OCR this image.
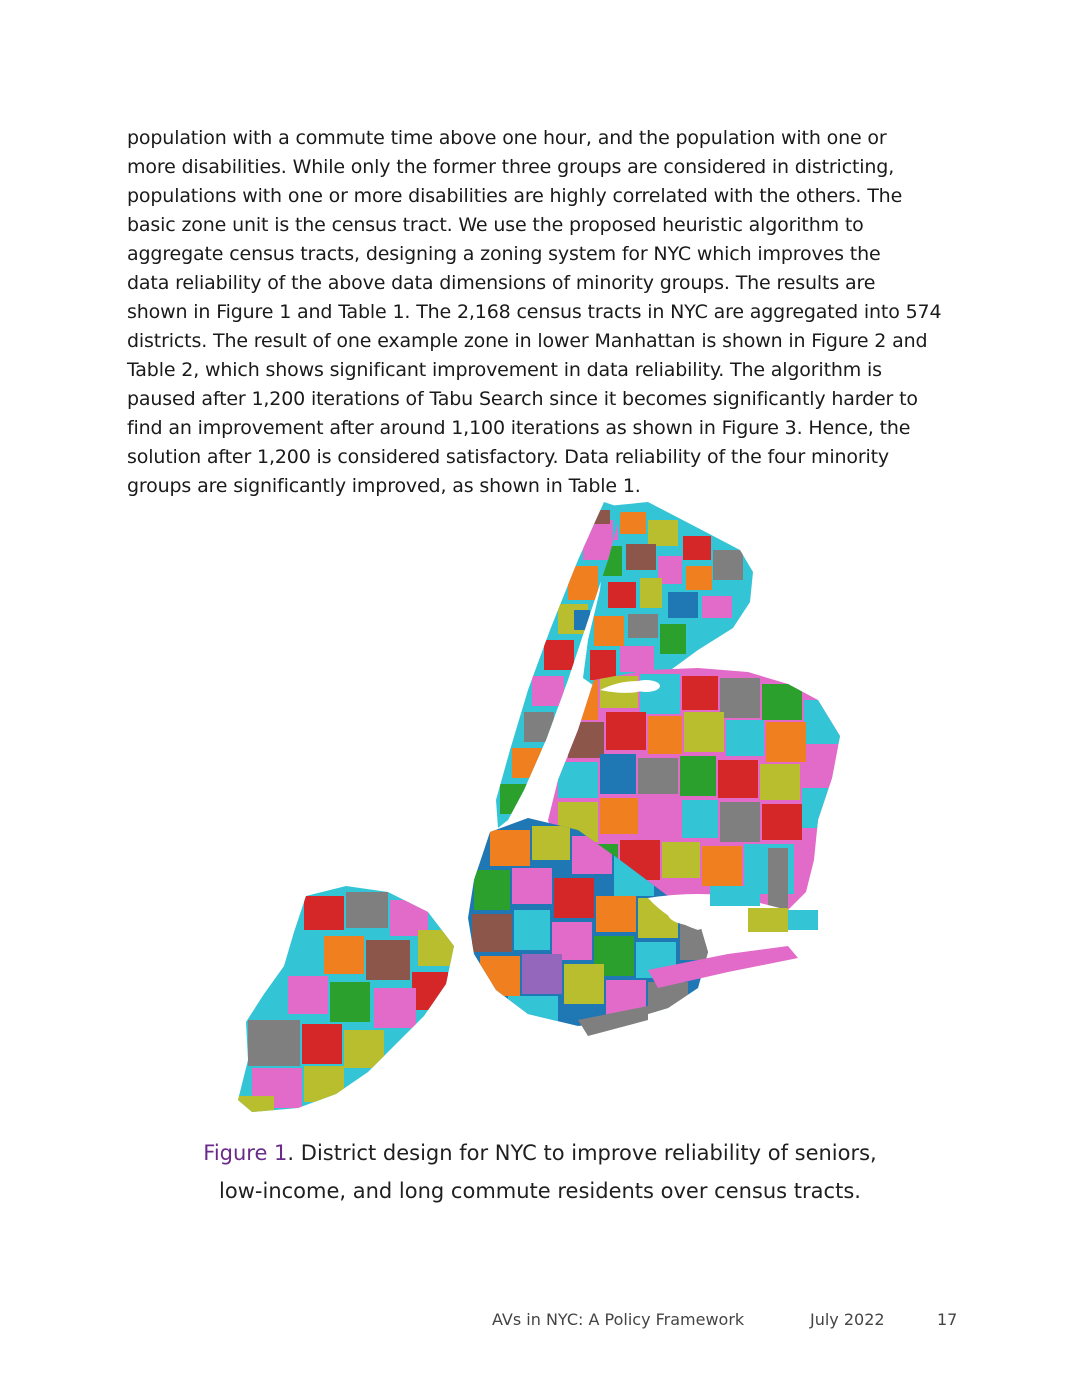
population with a commute time above one hour, and the population with one or
more disabilities. While only the former three groups are considered in districting,
populations with one or more disabilities are highly correlated with the others. The
basic zone unit is the census tract. We use the proposed heuristic algorithm to
aggregate census tracts, designing a zoning system for NYC which improves the
data reliability of the above data dimensions of minority groups. The results are
shown in Figure 1 and Table 1. The 2,168 census tracts in NYC are aggregated into 574
districts. The result of one example zone in lower Manhattan is shown in Figure 2 and
Table 2, which shows significant improvement in data reliability. The algorithm is
paused after 1,200 iterations of Tabu Search since it becomes significantly harder to
find an improvement after around 1,100 iterations as shown in Figure 3. Hence, the
solution after 1,200 is considered satisfactory. Data reliability of the four minority
groups are significantly improved, as shown in Table 1.

Figure 1. District design for NYC to improve reliability of seniors,
low-income, and long commute residents over census tracts.
AVs in NYC: A Policy Framework	July 2022	17
